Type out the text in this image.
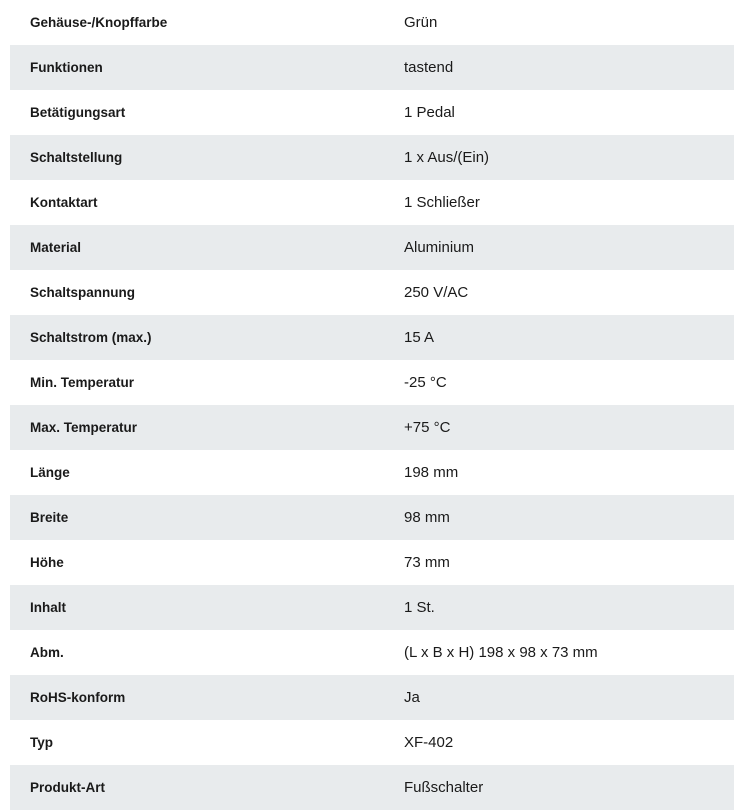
Gehäuse-/Knopffarbe	Grün
Funktionen	tastend
Betätigungsart	1 Pedal
Schaltstellung	1 x Aus/(Ein)
Kontaktart	1 Schließer
Material	Aluminium
Schaltspannung	250 V/AC
Schaltstrom (max.)	15 A
Min. Temperatur	-25 °C
Max. Temperatur	+75 °C
Länge	198 mm
Breite	98 mm
Höhe	73 mm
Inhalt	1 St.
Abm.	(L x B x H) 198 x 98 x 73 mm
RoHS-konform	Ja
Typ	XF-402
Produkt-Art	Fußschalter
